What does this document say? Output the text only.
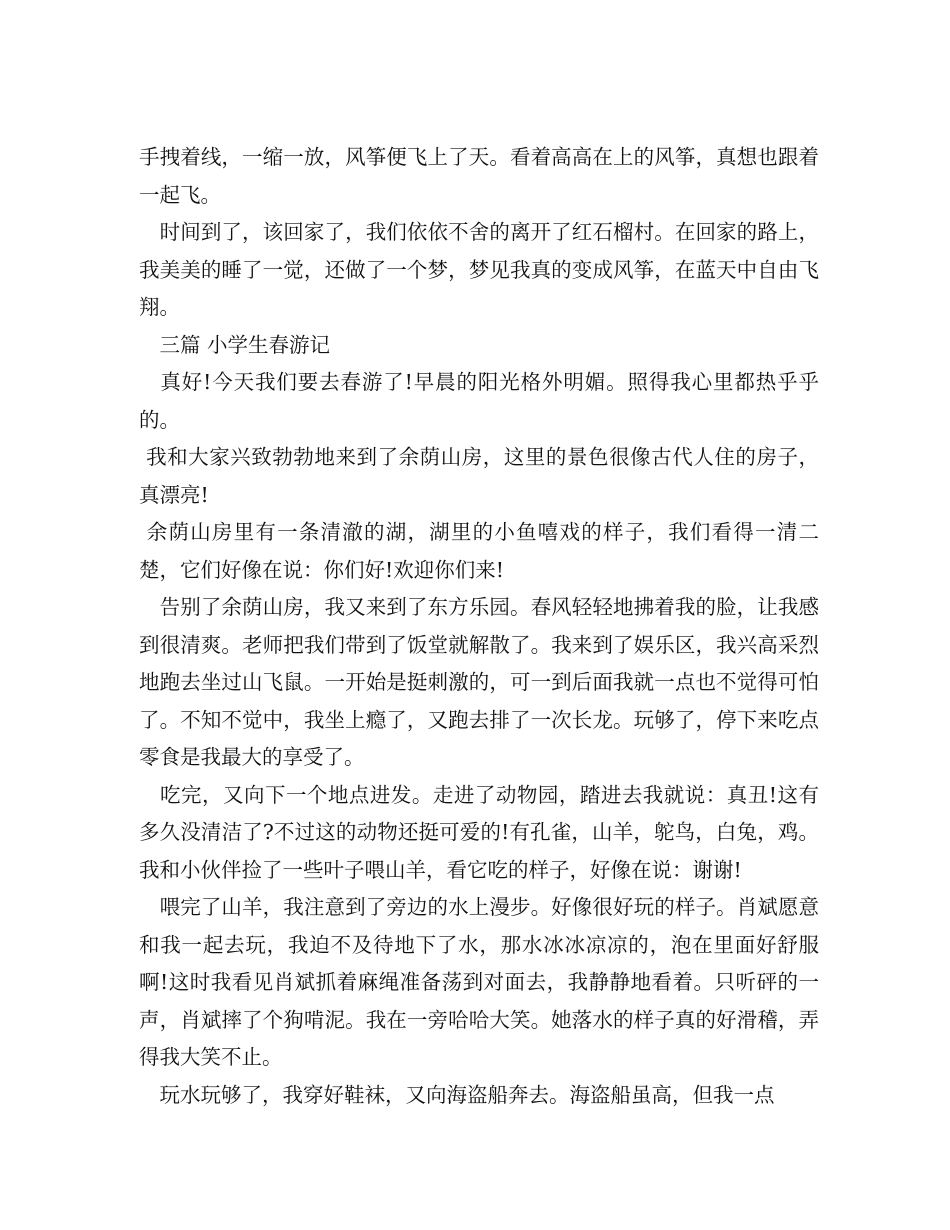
手拽着线，一缩一放，风筝便飞上了天。看着高高在上的风筝，真想也跟着一起飞。

　时间到了，该回家了，我们依依不舍的离开了红石榴村。在回家的路上，我美美的睡了一觉，还做了一个梦，梦见我真的变成风筝，在蓝天中自由飞翔。

　三篇 小学生春游记

　真好!今天我们要去春游了!早晨的阳光格外明媚。照得我心里都热乎乎的。

我和大家兴致勃勃地来到了余荫山房，这里的景色很像古代人住的房子，真漂亮!

余荫山房里有一条清澈的湖，湖里的小鱼嘻戏的样子，我们看得一清二楚，它们好像在说：你们好!欢迎你们来!

　告别了余荫山房，我又来到了东方乐园。春风轻轻地拂着我的脸，让我感到很清爽。老师把我们带到了饭堂就解散了。我来到了娱乐区，我兴高采烈地跑去坐过山飞鼠。一开始是挺刺激的，可一到后面我就一点也不觉得可怕了。不知不觉中，我坐上瘾了，又跑去排了一次长龙。玩够了，停下来吃点零食是我最大的享受了。

　吃完，又向下一个地点进发。走进了动物园，踏进去我就说：真丑!这有多久没清洁了?不过这的动物还挺可爱的!有孔雀，山羊，鸵鸟，白兔，鸡。我和小伙伴捡了一些叶子喂山羊，看它吃的样子，好像在说：谢谢!

　喂完了山羊，我注意到了旁边的水上漫步。好像很好玩的样子。肖斌愿意和我一起去玩，我迫不及待地下了水，那水冰冰凉凉的，泡在里面好舒服啊!这时我看见肖斌抓着麻绳准备荡到对面去，我静静地看着。只听砰的一声，肖斌摔了个狗啃泥。我在一旁哈哈大笑。她落水的样子真的好滑稽，弄得我大笑不止。

　玩水玩够了，我穿好鞋袜，又向海盗船奔去。海盗船虽高，但我一点
